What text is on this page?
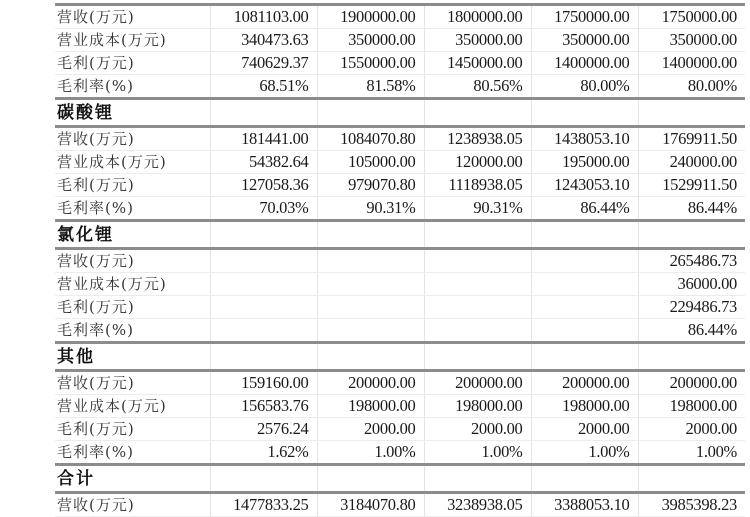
营收(万元)	1081103.00	1900000.00	1800000.00	1750000.00	1750000.00
营业成本(万元)	340473.63	350000.00	350000.00	350000.00	350000.00
毛利(万元)	740629.37	1550000.00	1450000.00	1400000.00	1400000.00
毛利率(%)	68.51%	81.58%	80.56%	80.00%	80.00%
碳酸锂					
营收(万元)	181441.00	1084070.80	1238938.05	1438053.10	1769911.50
营业成本(万元)	54382.64	105000.00	120000.00	195000.00	240000.00
毛利(万元)	127058.36	979070.80	1118938.05	1243053.10	1529911.50
毛利率(%)	70.03%	90.31%	90.31%	86.44%	86.44%
氯化锂					
营收(万元)					265486.73
营业成本(万元)					36000.00
毛利(万元)					229486.73
毛利率(%)					86.44%
其他					
营收(万元)	159160.00	200000.00	200000.00	200000.00	200000.00
营业成本(万元)	156583.76	198000.00	198000.00	198000.00	198000.00
毛利(万元)	2576.24	2000.00	2000.00	2000.00	2000.00
毛利率(%)	1.62%	1.00%	1.00%	1.00%	1.00%
合计					
营收(万元)	1477833.25	3184070.80	3238938.05	3388053.10	3985398.23
